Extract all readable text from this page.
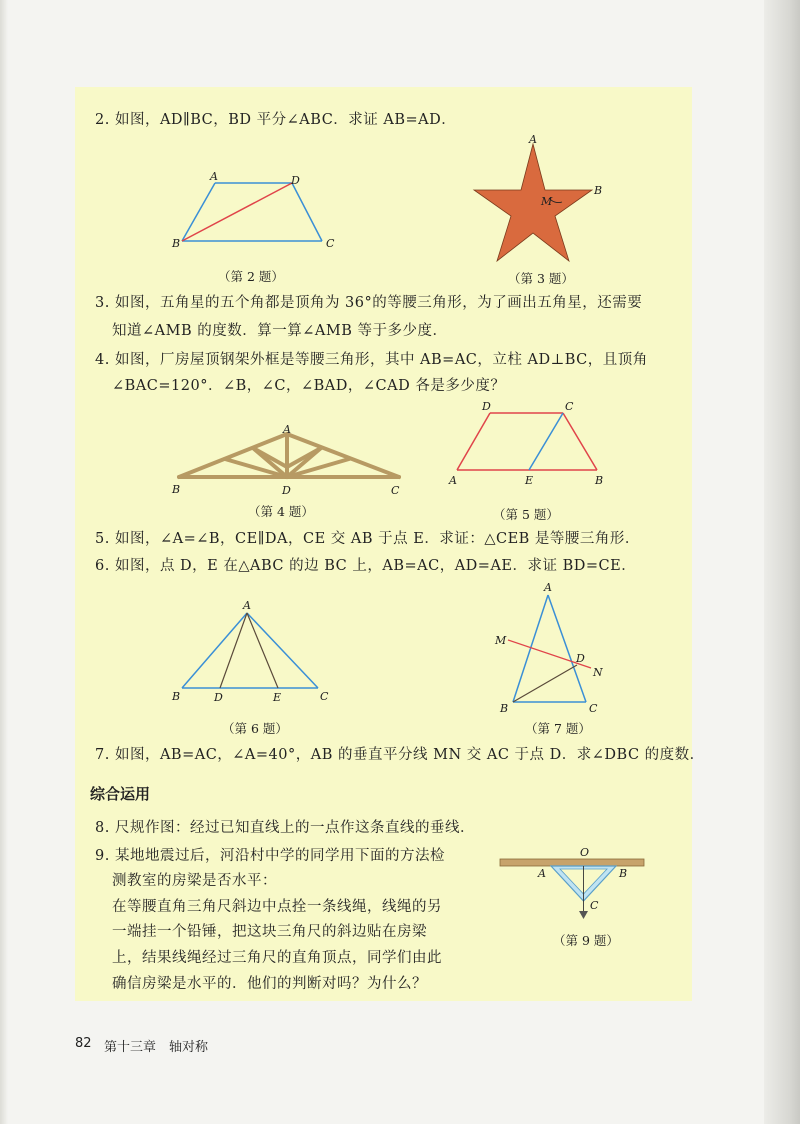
2. 如图，AD∥BC，BD 平分∠ABC．求证 AB=AD．
A	D
B	C
（第 2 题）
A
B
M
（第 3 题）
3. 如图，五角星的五个角都是顶角为 36°的等腰三角形，为了画出五角星，还需要
知道∠AMB 的度数．算一算∠AMB 等于多少度．
4. 如图，厂房屋顶钢架外框是等腰三角形，其中 AB=AC，立柱 AD⊥BC，且顶角
∠BAC=120°．∠B，∠C，∠BAD，∠CAD 各是多少度？
A
B	D	C
（第 4 题）
D	C
A	E	B
（第 5 题）
5. 如图，∠A=∠B，CE∥DA，CE 交 AB 于点 E．求证：△CEB 是等腰三角形．
6. 如图，点 D，E 在△ABC 的边 BC 上，AB=AC，AD=AE．求证 BD=CE．
A
B	D	E	C
（第 6 题）
A
M
D
N
B	C
（第 7 题）
7. 如图，AB=AC，∠A=40°，AB 的垂直平分线 MN 交 AC 于点 D．求∠DBC 的度数．
综合运用
8. 尺规作图：经过已知直线上的一点作这条直线的垂线．
9. 某地地震过后，河沿村中学的同学用下面的方法检
测教室的房梁是否水平：
在等腰直角三角尺斜边中点拴一条线绳，线绳的另
一端挂一个铅锤，把这块三角尺的斜边贴在房梁
上，结果线绳经过三角尺的直角顶点，同学们由此
确信房梁是水平的．他们的判断对吗？为什么？
O
A	B
C
（第 9 题）
82 第十三章　轴对称
